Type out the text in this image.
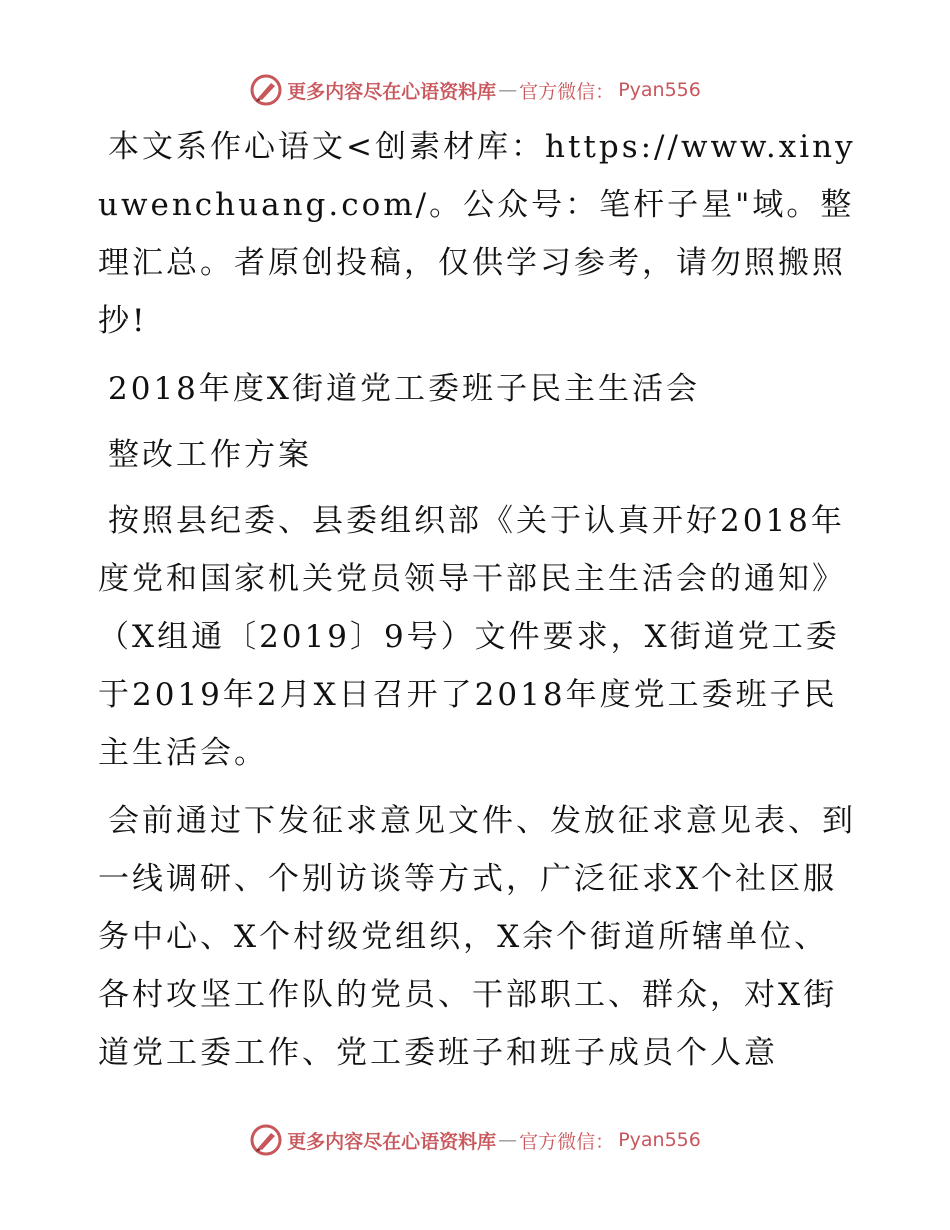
更多内容尽在心语资料库 — 官方微信： Pyan556

本文系作心语文<创素材库：https://www.xinyuwenchuang.com/。公众号：笔杆子星"域。整理汇总。者原创投稿，仅供学习参考，请勿照搬照抄!

2018年度X街道党工委班子民主生活会

整改工作方案

按照县纪委、县委组织部《关于认真开好2018年度党和国家机关党员领导干部民主生活会的通知》（X组通〔2019〕9号）文件要求，X街道党工委于2019年2月X日召开了2018年度党工委班子民主生活会。

会前通过下发征求意见文件、发放征求意见表、到一线调研、个别访谈等方式，广泛征求X个社区服务中心、X个村级党组织，X余个街道所辖单位、各村攻坚工作队的党员、干部职工、群众，对X街道党工委工作、党工委班子和班子成员个人意

更多内容尽在心语资料库 — 官方微信： Pyan556
